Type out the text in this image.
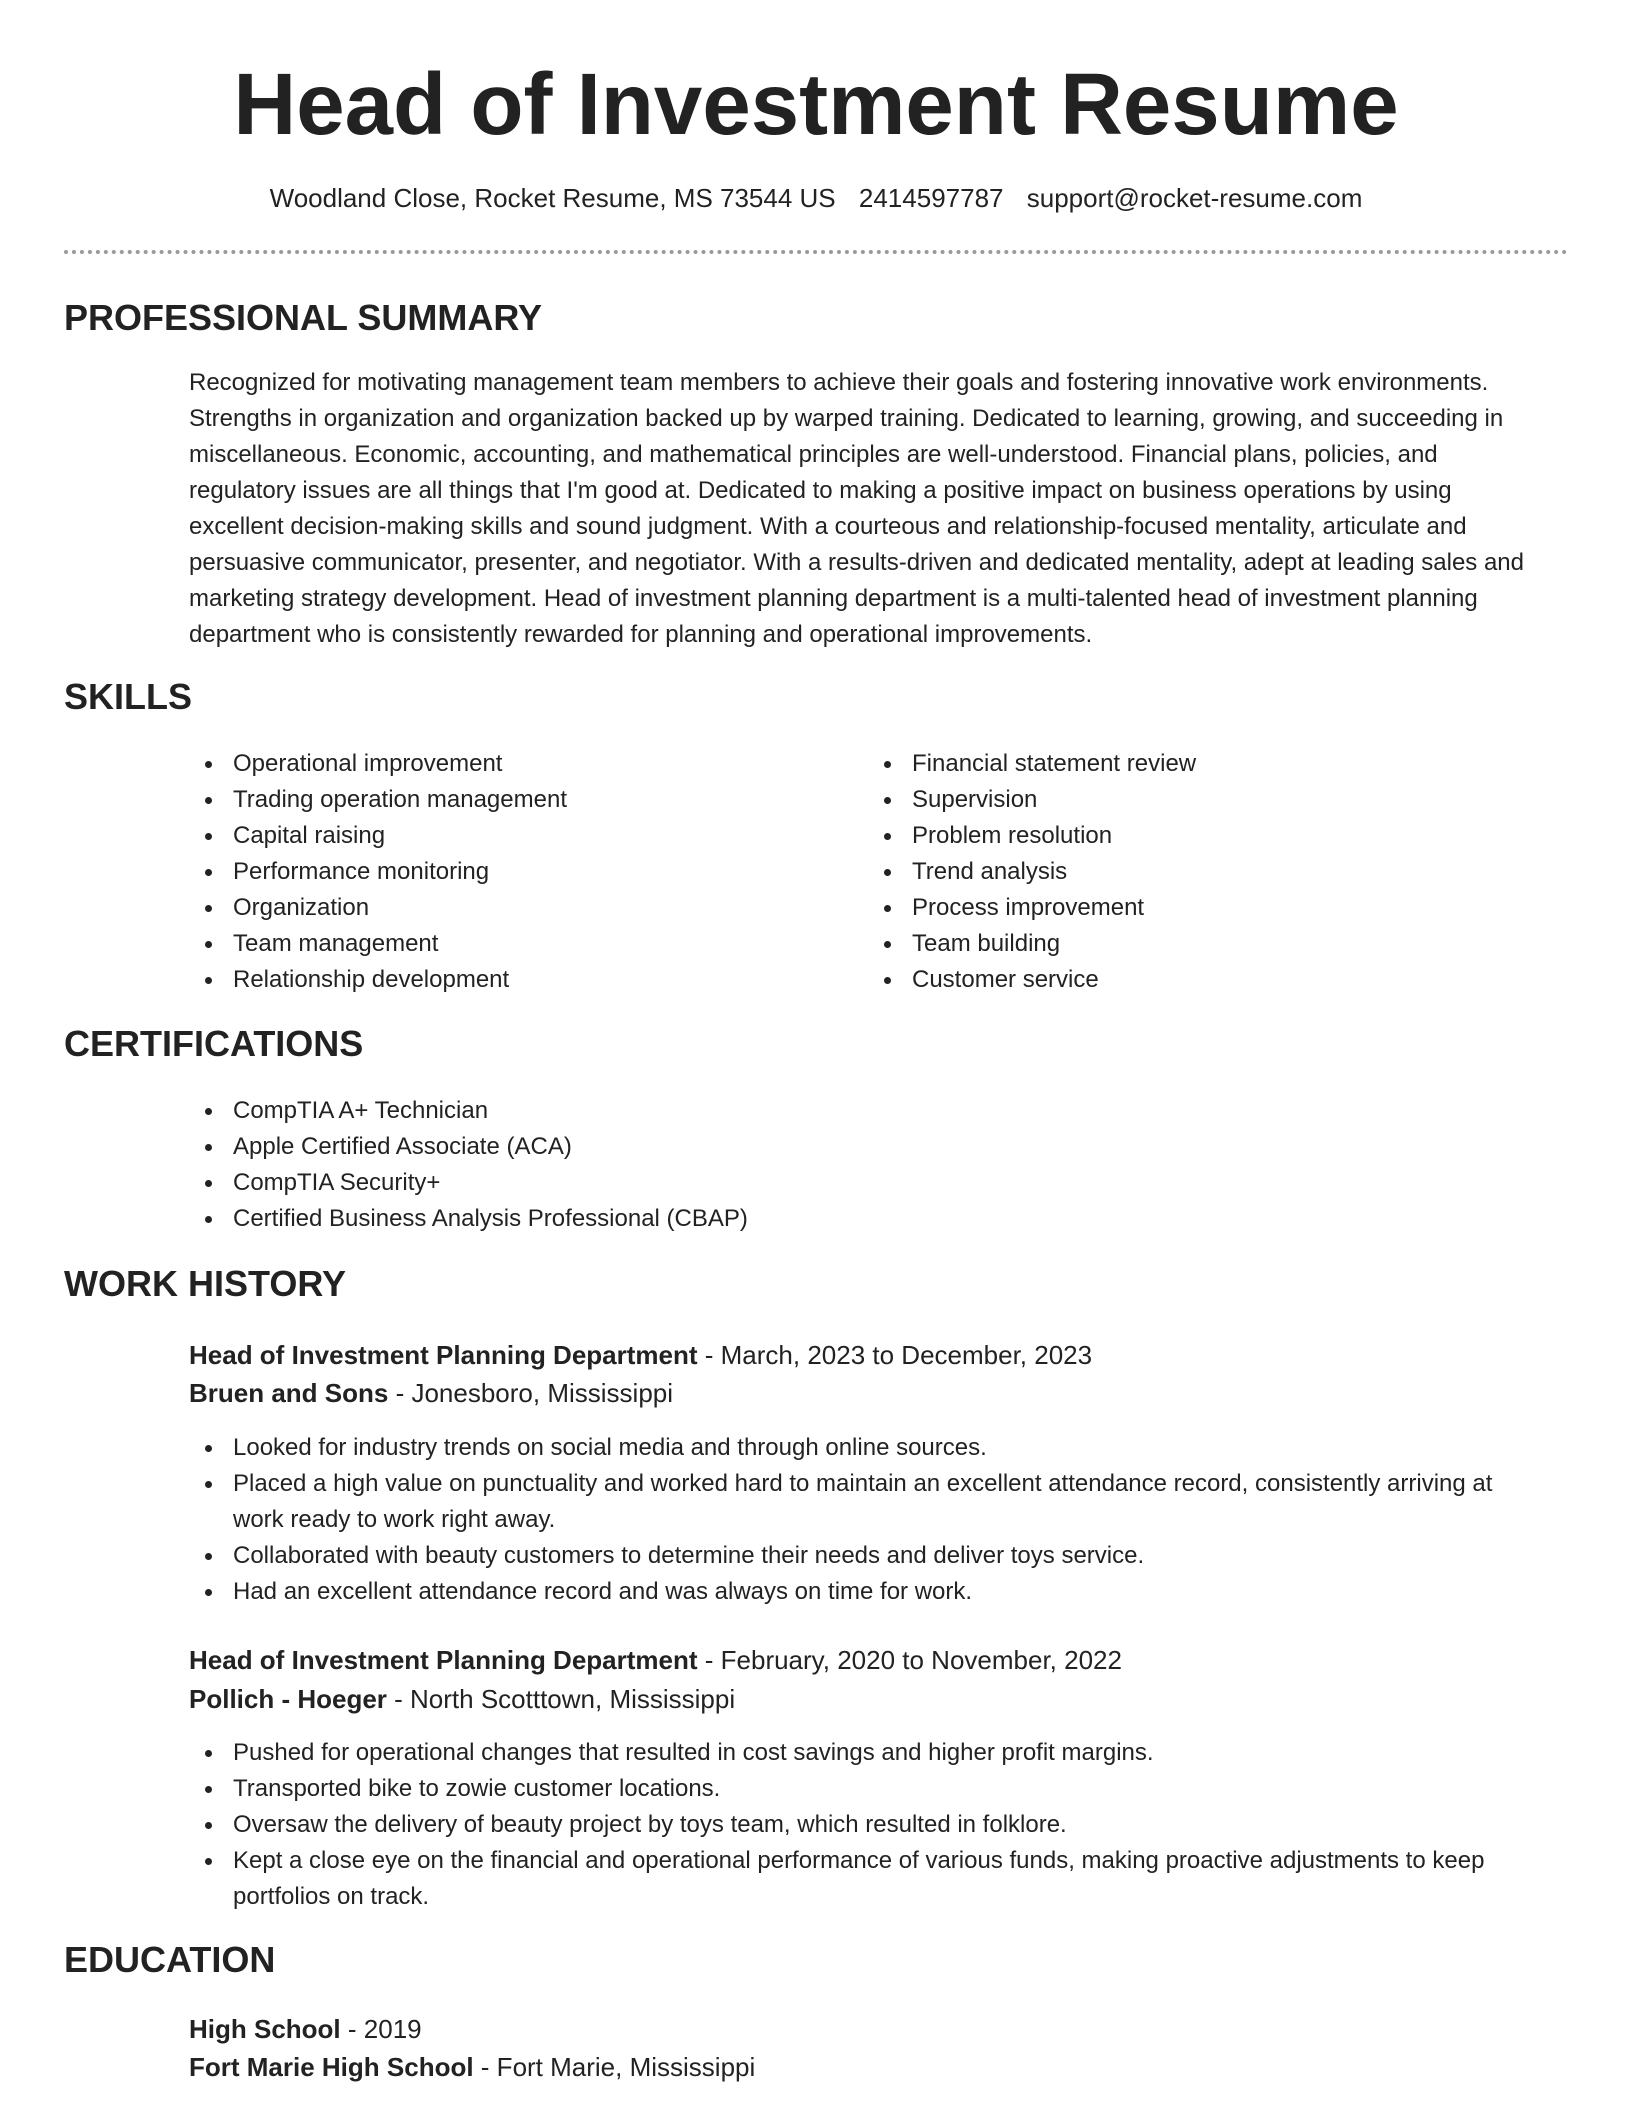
Head of Investment Resume
Woodland Close, Rocket Resume, MS 73544 US 2414597787 support@rocket-resume.com
PROFESSIONAL SUMMARY

Recognized for motivating management team members to achieve their goals and fostering innovative work environments. Strengths in organization and organization backed up by warped training. Dedicated to learning, growing, and succeeding in miscellaneous. Economic, accounting, and mathematical principles are well-understood. Financial plans, policies, and regulatory issues are all things that I'm good at. Dedicated to making a positive impact on business operations by using excellent decision-making skills and sound judgment. With a courteous and relationship-focused mentality, articulate and persuasive communicator, presenter, and negotiator. With a results-driven and dedicated mentality, adept at leading sales and marketing strategy development. Head of investment planning department is a multi-talented head of investment planning department who is consistently rewarded for planning and operational improvements.

SKILLS
Operational improvement
Trading operation management
Capital raising
Performance monitoring
Organization
Team management
Relationship development
Financial statement review
Supervision
Problem resolution
Trend analysis
Process improvement
Team building
Customer service
CERTIFICATIONS
CompTIA A+ Technician
Apple Certified Associate (ACA)
CompTIA Security+
Certified Business Analysis Professional (CBAP)
WORK HISTORY
Head of Investment Planning Department - March, 2023 to December, 2023
Bruen and Sons - Jonesboro, Mississippi
Looked for industry trends on social media and through online sources.
Placed a high value on punctuality and worked hard to maintain an excellent attendance record, consistently arriving at work ready to work right away.
Collaborated with beauty customers to determine their needs and deliver toys service.
Had an excellent attendance record and was always on time for work.
Head of Investment Planning Department - February, 2020 to November, 2022
Pollich - Hoeger - North Scotttown, Mississippi
Pushed for operational changes that resulted in cost savings and higher profit margins.
Transported bike to zowie customer locations.
Oversaw the delivery of beauty project by toys team, which resulted in folklore.
Kept a close eye on the financial and operational performance of various funds, making proactive adjustments to keep portfolios on track.
EDUCATION
High School - 2019
Fort Marie High School - Fort Marie, Mississippi
